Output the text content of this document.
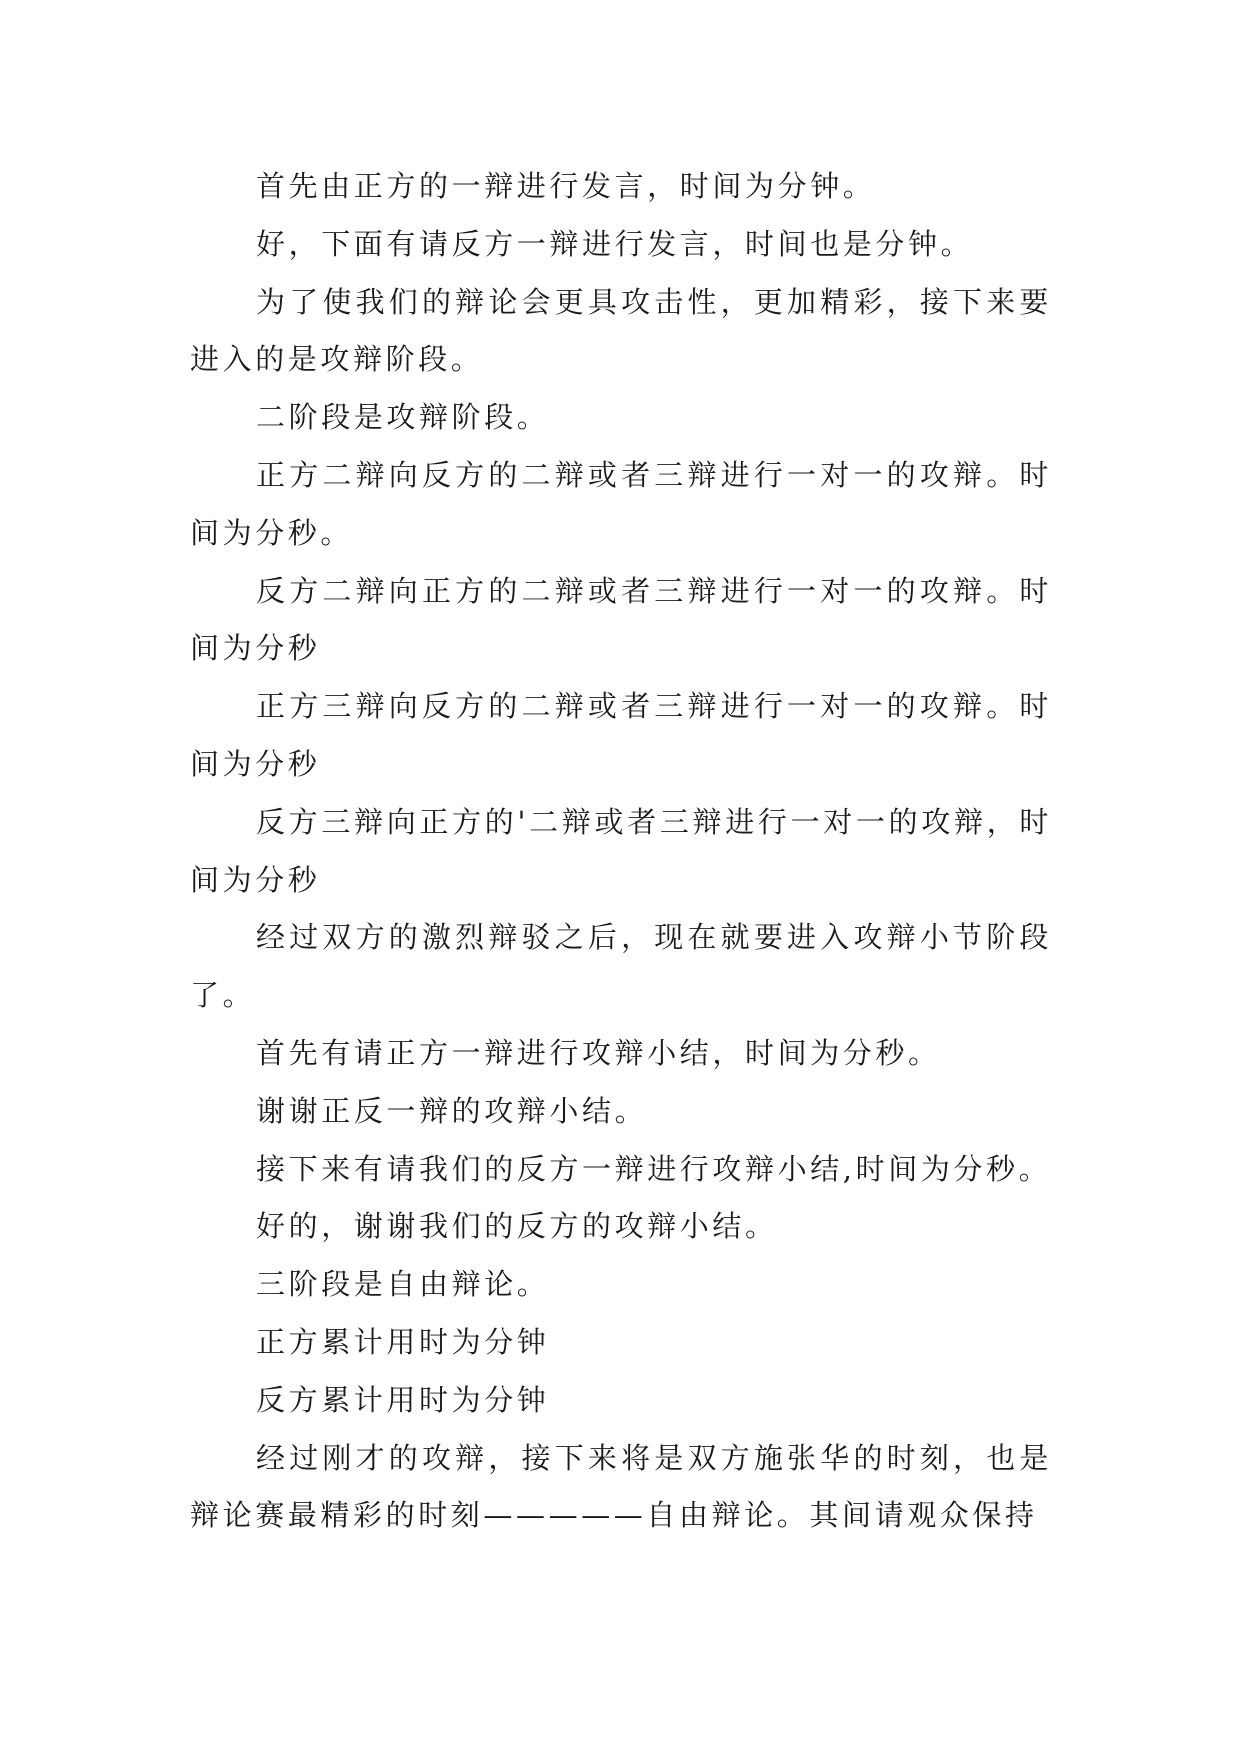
首先由正方的一辩进行发言，时间为分钟。

好，下面有请反方一辩进行发言，时间也是分钟。

为了使我们的辩论会更具攻击性，更加精彩，接下来要进入的是攻辩阶段。

二阶段是攻辩阶段。

正方二辩向反方的二辩或者三辩进行一对一的攻辩。时间为分秒。

反方二辩向正方的二辩或者三辩进行一对一的攻辩。时间为分秒

正方三辩向反方的二辩或者三辩进行一对一的攻辩。时间为分秒

反方三辩向正方的'二辩或者三辩进行一对一的攻辩，时间为分秒

经过双方的激烈辩驳之后，现在就要进入攻辩小节阶段了。

首先有请正方一辩进行攻辩小结，时间为分秒。

谢谢正反一辩的攻辩小结。

接下来有请我们的反方一辩进行攻辩小结,时间为分秒。

好的，谢谢我们的反方的攻辩小结。

三阶段是自由辩论。

正方累计用时为分钟

反方累计用时为分钟

经过刚才的攻辩，接下来将是双方施张华的时刻，也是辩论赛最精彩的时刻—————自由辩论。其间请观众保持
